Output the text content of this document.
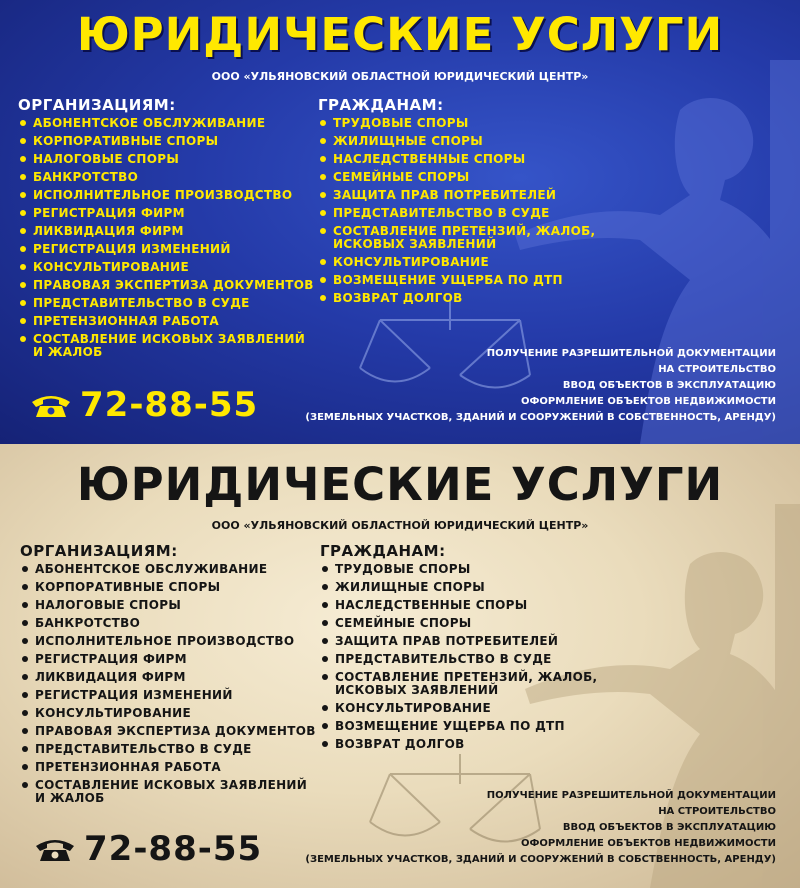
ЮРИДИЧЕСКИЕ УСЛУГИ
ООО «УЛЬЯНОВСКИЙ ОБЛАСТНОЙ ЮРИДИЧЕСКИЙ ЦЕНТР»
ОРГАНИЗАЦИЯМ:
АБОНЕНТСКОЕ ОБСЛУЖИВАНИЕ
КОРПОРАТИВНЫЕ СПОРЫ
НАЛОГОВЫЕ СПОРЫ
БАНКРОТСТВО
ИСПОЛНИТЕЛЬНОЕ ПРОИЗВОДСТВО
РЕГИСТРАЦИЯ ФИРМ
ЛИКВИДАЦИЯ ФИРМ
РЕГИСТРАЦИЯ ИЗМЕНЕНИЙ
КОНСУЛЬТИРОВАНИЕ
ПРАВОВАЯ ЭКСПЕРТИЗА ДОКУМЕНТОВ
ПРЕДСТАВИТЕЛЬСТВО В СУДЕ
ПРЕТЕНЗИОННАЯ РАБОТА
СОСТАВЛЕНИЕ ИСКОВЫХ ЗАЯВЛЕНИЙ И ЖАЛОБ
ГРАЖДАНАМ:
ТРУДОВЫЕ СПОРЫ
ЖИЛИЩНЫЕ СПОРЫ
НАСЛЕДСТВЕННЫЕ СПОРЫ
СЕМЕЙНЫЕ СПОРЫ
ЗАЩИТА ПРАВ ПОТРЕБИТЕЛЕЙ
ПРЕДСТАВИТЕЛЬСТВО В СУДЕ
СОСТАВЛЕНИЕ ПРЕТЕНЗИЙ, ЖАЛОБ, ИСКОВЫХ ЗАЯВЛЕНИЙ
КОНСУЛЬТИРОВАНИЕ
ВОЗМЕЩЕНИЕ УЩЕРБА ПО ДТП
ВОЗВРАТ ДОЛГОВ
72-88-55
ПОЛУЧЕНИЕ РАЗРЕШИТЕЛЬНОЙ ДОКУМЕНТАЦИИ
НА СТРОИТЕЛЬСТВО
ВВОД ОБЪЕКТОВ В ЭКСПЛУАТАЦИЮ
ОФОРМЛЕНИЕ ОБЪЕКТОВ НЕДВИЖИМОСТИ
(ЗЕМЕЛЬНЫХ УЧАСТКОВ, ЗДАНИЙ И СООРУЖЕНИЙ В СОБСТВЕННОСТЬ, АРЕНДУ)
ЮРИДИЧЕСКИЕ УСЛУГИ
ООО «УЛЬЯНОВСКИЙ ОБЛАСТНОЙ ЮРИДИЧЕСКИЙ ЦЕНТР»
ОРГАНИЗАЦИЯМ:
АБОНЕНТСКОЕ ОБСЛУЖИВАНИЕ
КОРПОРАТИВНЫЕ СПОРЫ
НАЛОГОВЫЕ СПОРЫ
БАНКРОТСТВО
ИСПОЛНИТЕЛЬНОЕ ПРОИЗВОДСТВО
РЕГИСТРАЦИЯ ФИРМ
ЛИКВИДАЦИЯ ФИРМ
РЕГИСТРАЦИЯ ИЗМЕНЕНИЙ
КОНСУЛЬТИРОВАНИЕ
ПРАВОВАЯ ЭКСПЕРТИЗА ДОКУМЕНТОВ
ПРЕДСТАВИТЕЛЬСТВО В СУДЕ
ПРЕТЕНЗИОННАЯ РАБОТА
СОСТАВЛЕНИЕ ИСКОВЫХ ЗАЯВЛЕНИЙ И ЖАЛОБ
ГРАЖДАНАМ:
ТРУДОВЫЕ СПОРЫ
ЖИЛИЩНЫЕ СПОРЫ
НАСЛЕДСТВЕННЫЕ СПОРЫ
СЕМЕЙНЫЕ СПОРЫ
ЗАЩИТА ПРАВ ПОТРЕБИТЕЛЕЙ
ПРЕДСТАВИТЕЛЬСТВО В СУДЕ
СОСТАВЛЕНИЕ ПРЕТЕНЗИЙ, ЖАЛОБ, ИСКОВЫХ ЗАЯВЛЕНИЙ
КОНСУЛЬТИРОВАНИЕ
ВОЗМЕЩЕНИЕ УЩЕРБА ПО ДТП
ВОЗВРАТ ДОЛГОВ
72-88-55
ПОЛУЧЕНИЕ РАЗРЕШИТЕЛЬНОЙ ДОКУМЕНТАЦИИ
НА СТРОИТЕЛЬСТВО
ВВОД ОБЪЕКТОВ В ЭКСПЛУАТАЦИЮ
ОФОРМЛЕНИЕ ОБЪЕКТОВ НЕДВИЖИМОСТИ
(ЗЕМЕЛЬНЫХ УЧАСТКОВ, ЗДАНИЙ И СООРУЖЕНИЙ В СОБСТВЕННОСТЬ, АРЕНДУ)
